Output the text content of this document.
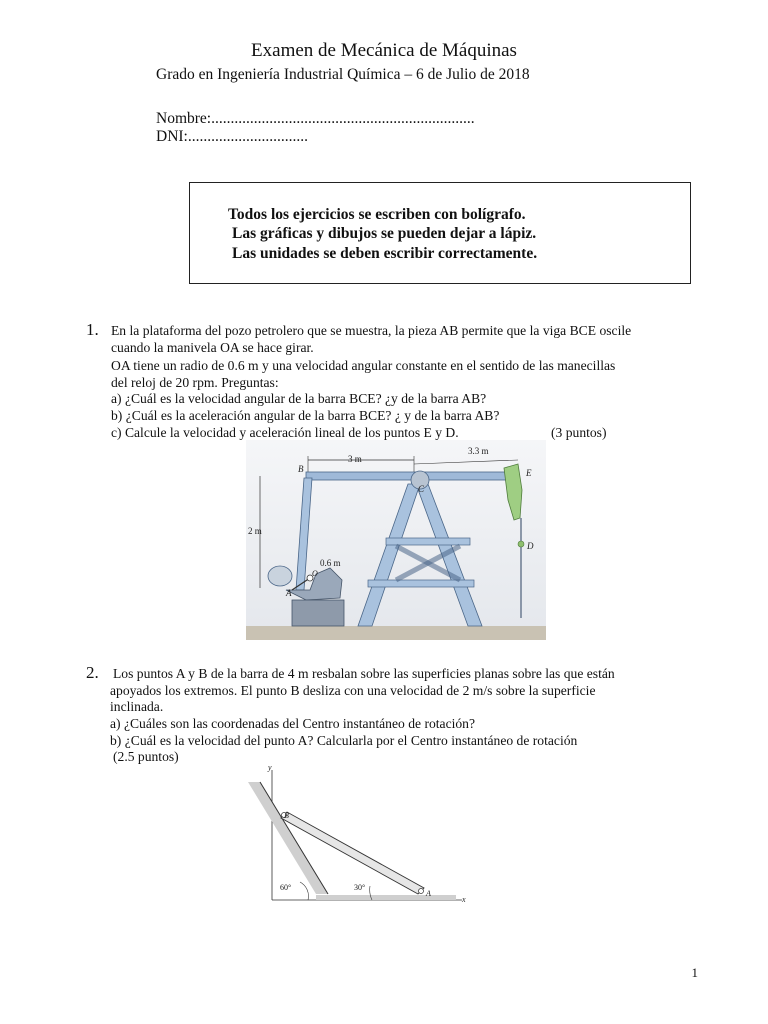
Examen de Mecánica de Máquinas
Grado en Ingeniería Industrial Química – 6 de Julio de 2018
Nombre:....................................................................
DNI:...............................
Todos los ejercicios se escriben con bolígrafo.
Las gráficas y dibujos se pueden dejar a lápiz.
Las unidades se deben escribir correctamente.
1. En la plataforma del pozo petrolero que se muestra, la pieza AB permite que la viga BCE oscile
cuando la manivela OA se hace girar.
OA tiene un radio de 0.6 m y una velocidad angular constante en el sentido de las manecillas
del reloj de 20 rpm. Preguntas:
a) ¿Cuál es la velocidad angular de la barra BCE? ¿y de la barra AB?
b) ¿Cuál es la aceleración angular de la barra BCE? ¿ y de la barra AB?
c) Calcule la velocidad y aceleración lineal de los puntos E y D.	(3 puntos)
3 m
3.3 m
2 m
E
D
C
B
O
0.6 m
A
2. Los puntos A y B de la barra de 4 m resbalan sobre las superficies planas sobre las que están
apoyados los extremos. El punto B desliza con una velocidad de 2 m/s sobre la superficie
inclinada.
a) ¿Cuáles son las coordenadas del Centro instantáneo de rotación?
b) ¿Cuál es la velocidad del punto A? Calcularla por el Centro instantáneo de rotación
(2.5 puntos)
y
x
B
A
60°	30°
1
